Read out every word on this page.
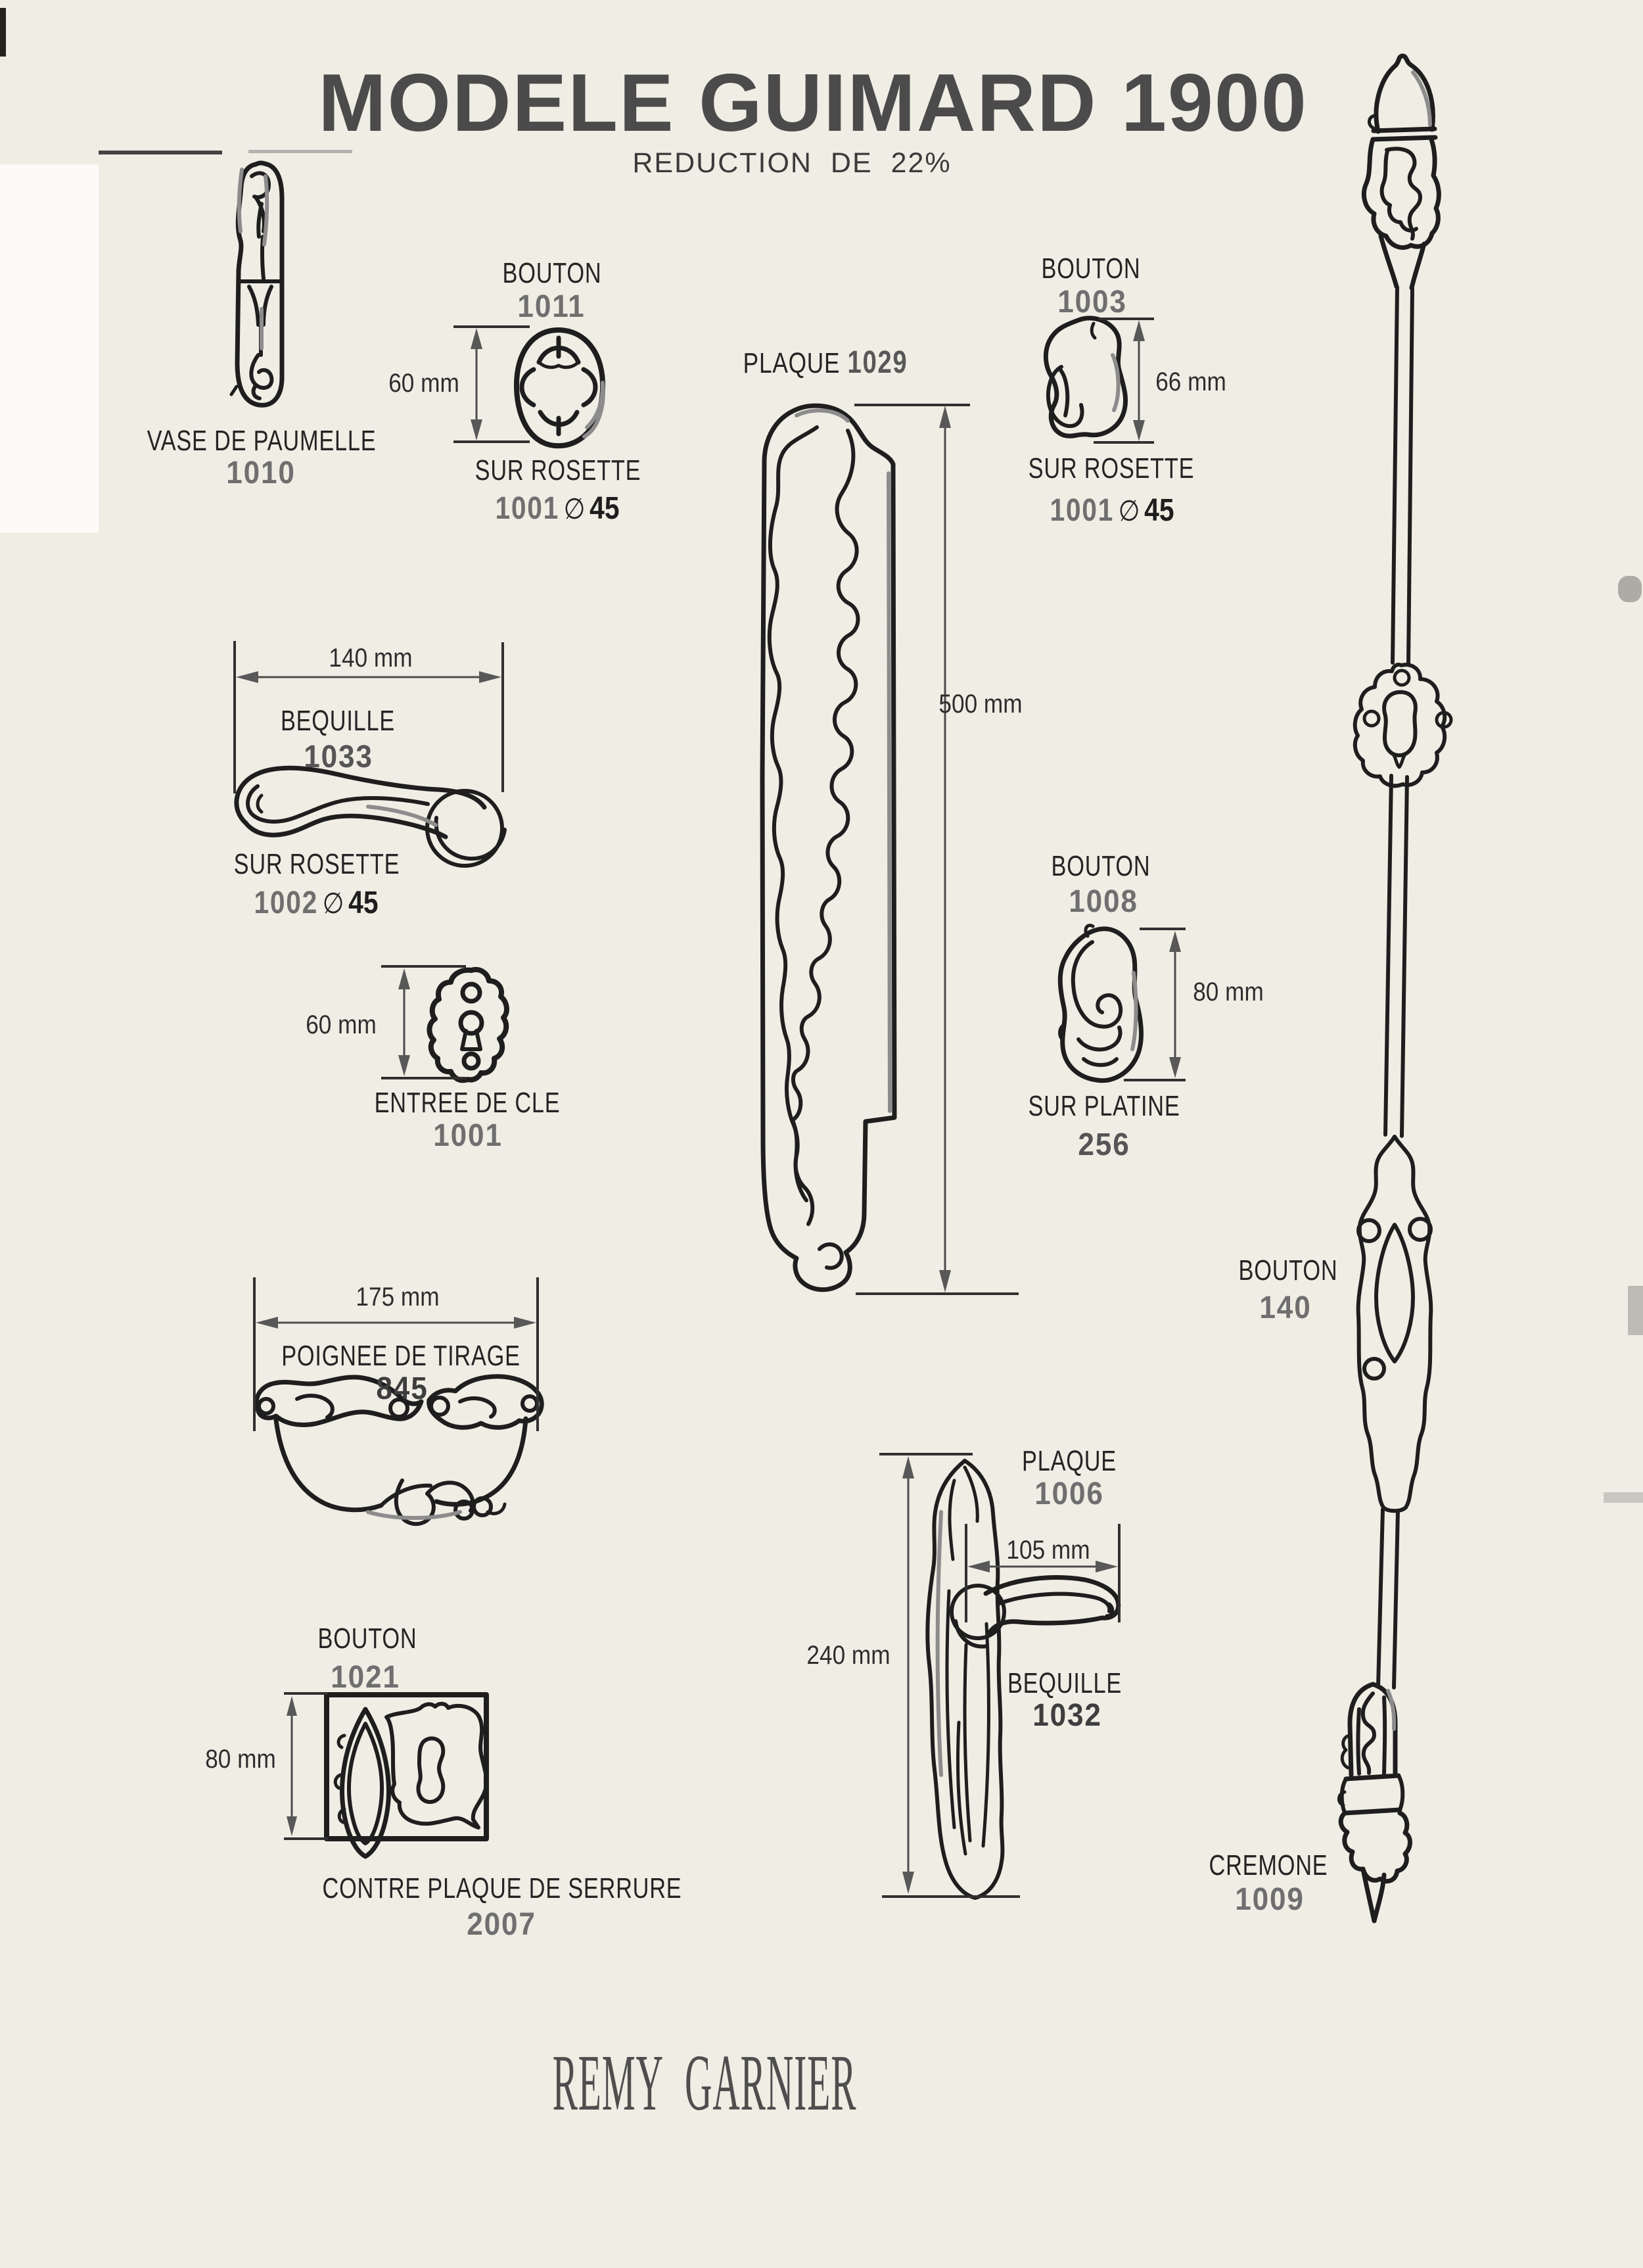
MODELE GUIMARD 1900
REDUCTION DE 22%
VASE DE PAUMELLE
1010
BOUTON
1011
60 mm
SUR ROSETTE
1001 ∅ 45
PLAQUE 1029
500 mm
BOUTON
1003
66 mm
SUR ROSETTE
1001 ∅ 45
140 mm
BEQUILLE
1033
SUR ROSETTE
1002 ∅ 45
60 mm
ENTREE DE CLE
1001
BOUTON
1008
80 mm
SUR PLATINE
256
175 mm
POIGNEE DE TIRAGE
845
BOUTON
140
PLAQUE
1006
105 mm
240 mm
BEQUILLE
1032
BOUTON
1021
80 mm
CONTRE PLAQUE DE SERRURE
2007
CREMONE
1009
REMY GARNIER
